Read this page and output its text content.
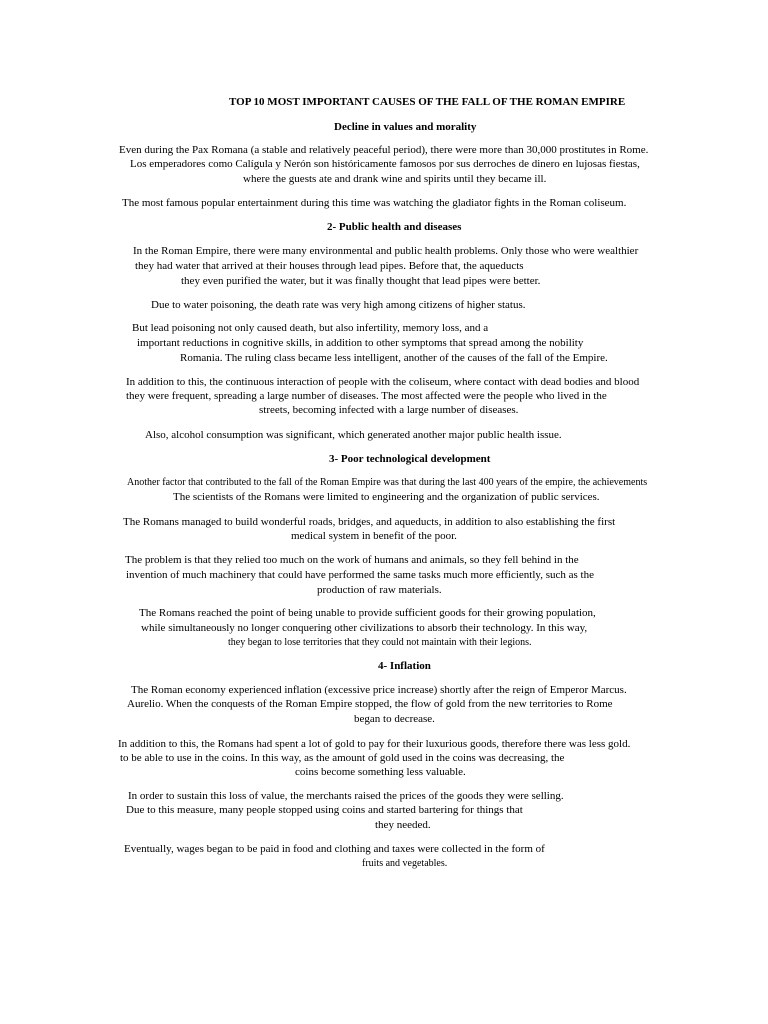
TOP 10 MOST IMPORTANT CAUSES OF THE FALL OF THE ROMAN EMPIRE
Decline in values and morality
Even during the Pax Romana (a stable and relatively peaceful period), there were more than 30,000 prostitutes in Rome.
Los emperadores como Calígula y Nerón son históricamente famosos por sus derroches de dinero en lujosas fiestas,
where the guests ate and drank wine and spirits until they became ill.
The most famous popular entertainment during this time was watching the gladiator fights in the Roman coliseum.
2- Public health and diseases
In the Roman Empire, there were many environmental and public health problems. Only those who were wealthier
they had water that arrived at their houses through lead pipes. Before that, the aqueducts
they even purified the water, but it was finally thought that lead pipes were better.
Due to water poisoning, the death rate was very high among citizens of higher status.
But lead poisoning not only caused death, but also infertility, memory loss, and a
important reductions in cognitive skills, in addition to other symptoms that spread among the nobility
Romania. The ruling class became less intelligent, another of the causes of the fall of the Empire.
In addition to this, the continuous interaction of people with the coliseum, where contact with dead bodies and blood
they were frequent, spreading a large number of diseases. The most affected were the people who lived in the
streets, becoming infected with a large number of diseases.
Also, alcohol consumption was significant, which generated another major public health issue.
3- Poor technological development
Another factor that contributed to the fall of the Roman Empire was that during the last 400 years of the empire, the achievements
The scientists of the Romans were limited to engineering and the organization of public services.
The Romans managed to build wonderful roads, bridges, and aqueducts, in addition to also establishing the first
medical system in benefit of the poor.
The problem is that they relied too much on the work of humans and animals, so they fell behind in the
invention of much machinery that could have performed the same tasks much more efficiently, such as the
production of raw materials.
The Romans reached the point of being unable to provide sufficient goods for their growing population,
while simultaneously no longer conquering other civilizations to absorb their technology. In this way,
they began to lose territories that they could not maintain with their legions.
4- Inflation
The Roman economy experienced inflation (excessive price increase) shortly after the reign of Emperor Marcus.
Aurelio. When the conquests of the Roman Empire stopped, the flow of gold from the new territories to Rome
began to decrease.
In addition to this, the Romans had spent a lot of gold to pay for their luxurious goods, therefore there was less gold.
to be able to use in the coins. In this way, as the amount of gold used in the coins was decreasing, the
coins become something less valuable.
In order to sustain this loss of value, the merchants raised the prices of the goods they were selling.
Due to this measure, many people stopped using coins and started bartering for things that
they needed.
Eventually, wages began to be paid in food and clothing and taxes were collected in the form of
fruits and vegetables.
